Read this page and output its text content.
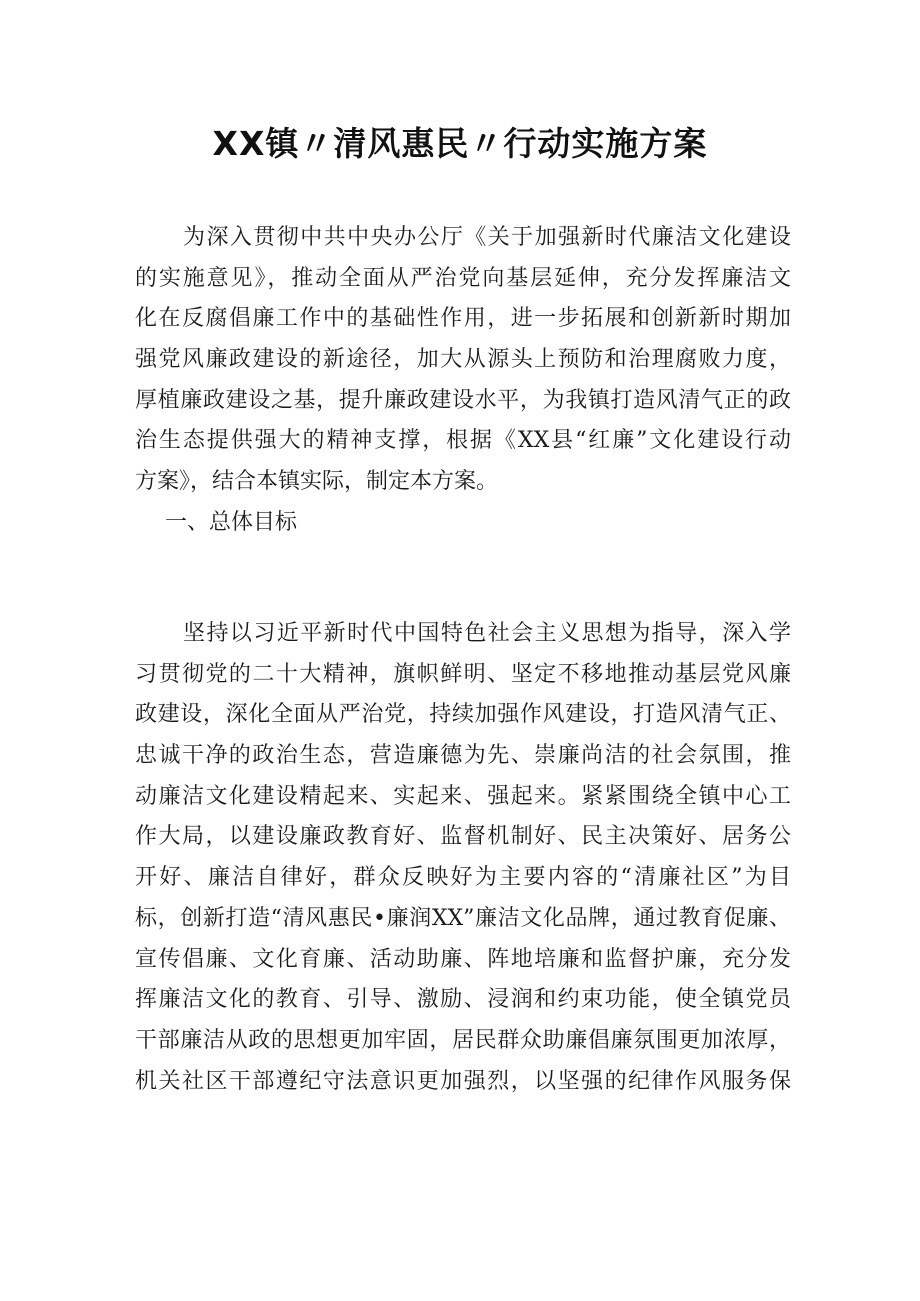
XX镇〃清风惠民〃行动实施方案
为深入贯彻中共中央办公厅《关于加强新时代廉洁文化建设
的实施意见》，推动全面从严治党向基层延伸，充分发挥廉洁文
化在反腐倡廉工作中的基础性作用，进一步拓展和创新新时期加
强党风廉政建设的新途径，加大从源头上预防和治理腐败力度，
厚植廉政建设之基，提升廉政建设水平，为我镇打造风清气正的政
治生态提供强大的精神支撑，根据《XX县“红廉”文化建设行动
方案》，结合本镇实际，制定本方案。
一、总体目标
坚持以习近平新时代中国特色社会主义思想为指导，深入学
习贯彻党的二十大精神，旗帜鲜明、坚定不移地推动基层党风廉
政建设，深化全面从严治党，持续加强作风建设，打造风清气正、
忠诚干净的政治生态，营造廉德为先、崇廉尚洁的社会氛围，推
动廉洁文化建设精起来、实起来、强起来。紧紧围绕全镇中心工
作大局，以建设廉政教育好、监督机制好、民主决策好、居务公
开好、廉洁自律好，群众反映好为主要内容的“清廉社区”为目
标，创新打造“清风惠民•廉润XX”廉洁文化品牌，通过教育促廉、
宣传倡廉、文化育廉、活动助廉、阵地培廉和监督护廉，充分发
挥廉洁文化的教育、引导、激励、浸润和约束功能，使全镇党员
干部廉洁从政的思想更加牢固，居民群众助廉倡廉氛围更加浓厚，
机关社区干部遵纪守法意识更加强烈，以坚强的纪律作风服务保
